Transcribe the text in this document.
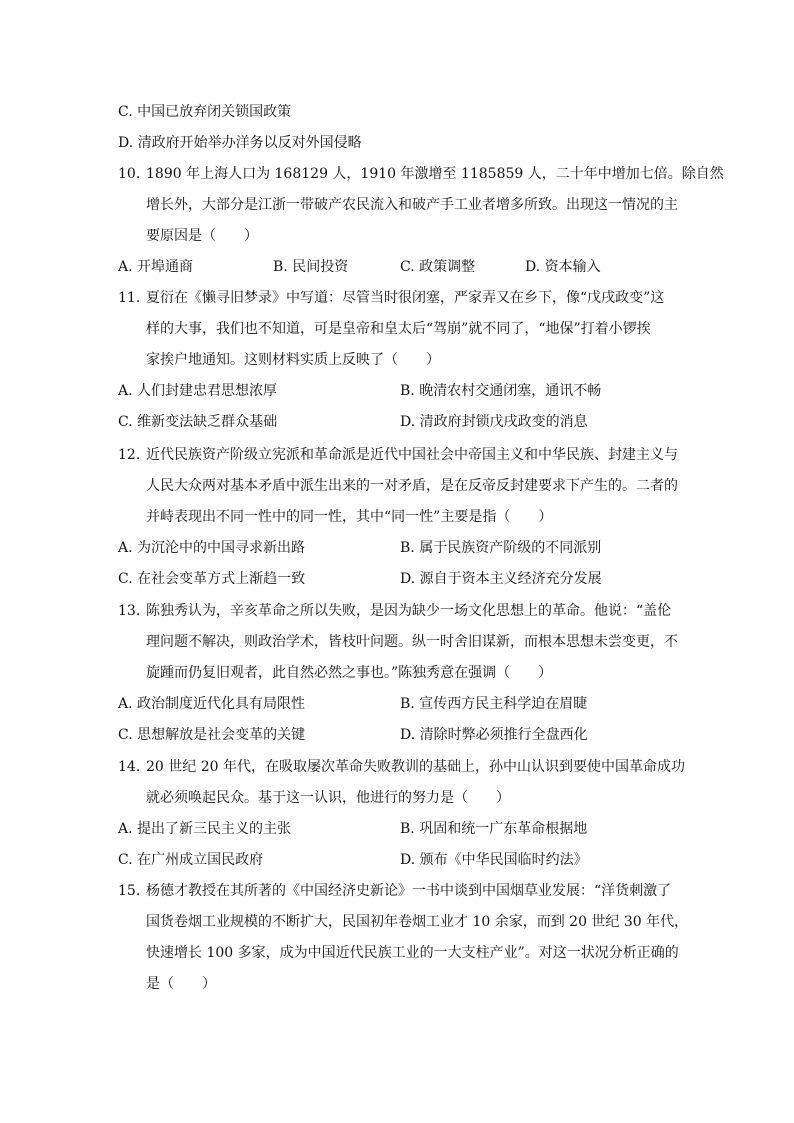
C. 中国已放弃闭关锁国政策
D. 清政府开始举办洋务以反对外国侵略
10. 1890 年上海人口为 168129 人，1910 年激增至 1185859 人，二十年中增加七倍。除自然
增长外，大部分是江浙一带破产农民流入和破产手工业者增多所致。出现这一情况的主
要原因是（　　）
A. 开埠通商	B. 民间投资	C. 政策调整	D. 资本输入
11. 夏衍在《懒寻旧梦录》中写道：尽管当时很闭塞，严家弄又在乡下，像“戊戌政变”这
样的大事，我们也不知道，可是皇帝和皇太后“驾崩”就不同了，“地保”打着小锣挨
家挨户地通知。这则材料实质上反映了（　　）
A. 人们封建忠君思想浓厚	B. 晚清农村交通闭塞，通讯不畅
C. 维新变法缺乏群众基础	D. 清政府封锁戊戌政变的消息
12. 近代民族资产阶级立宪派和革命派是近代中国社会中帝国主义和中华民族、封建主义与
人民大众两对基本矛盾中派生出来的一对矛盾，是在反帝反封建要求下产生的。二者的
并峙表现出不同一性中的同一性，其中“同一性”主要是指（　　）
A. 为沉沦中的中国寻求新出路	B. 属于民族资产阶级的不同派别
C. 在社会变革方式上渐趋一致	D. 源自于资本主义经济充分发展
13. 陈独秀认为，辛亥革命之所以失败，是因为缺少一场文化思想上的革命。他说：“盖伦
理问题不解决，则政治学术，皆枝叶问题。纵一时舍旧谋新，而根本思想未尝变更，不
旋踵而仍复旧观者，此自然必然之事也。”陈独秀意在强调（　　）
A. 政治制度近代化具有局限性	B. 宣传西方民主科学迫在眉睫
C. 思想解放是社会变革的关键	D. 清除时弊必须推行全盘西化
14. 20 世纪 20 年代，在吸取屡次革命失败教训的基础上，孙中山认识到要使中国革命成功
就必须唤起民众。基于这一认识，他进行的努力是（　　）
A. 提出了新三民主义的主张	B. 巩固和统一广东革命根据地
C. 在广州成立国民政府	D. 颁布《中华民国临时约法》
15. 杨德才教授在其所著的《中国经济史新论》一书中谈到中国烟草业发展：“洋货刺激了
国货卷烟工业规模的不断扩大，民国初年卷烟工业才 10 余家，而到 20 世纪 30 年代，
快速增长 100 多家，成为中国近代民族工业的一大支柱产业”。对这一状况分析正确的
是（　　）
